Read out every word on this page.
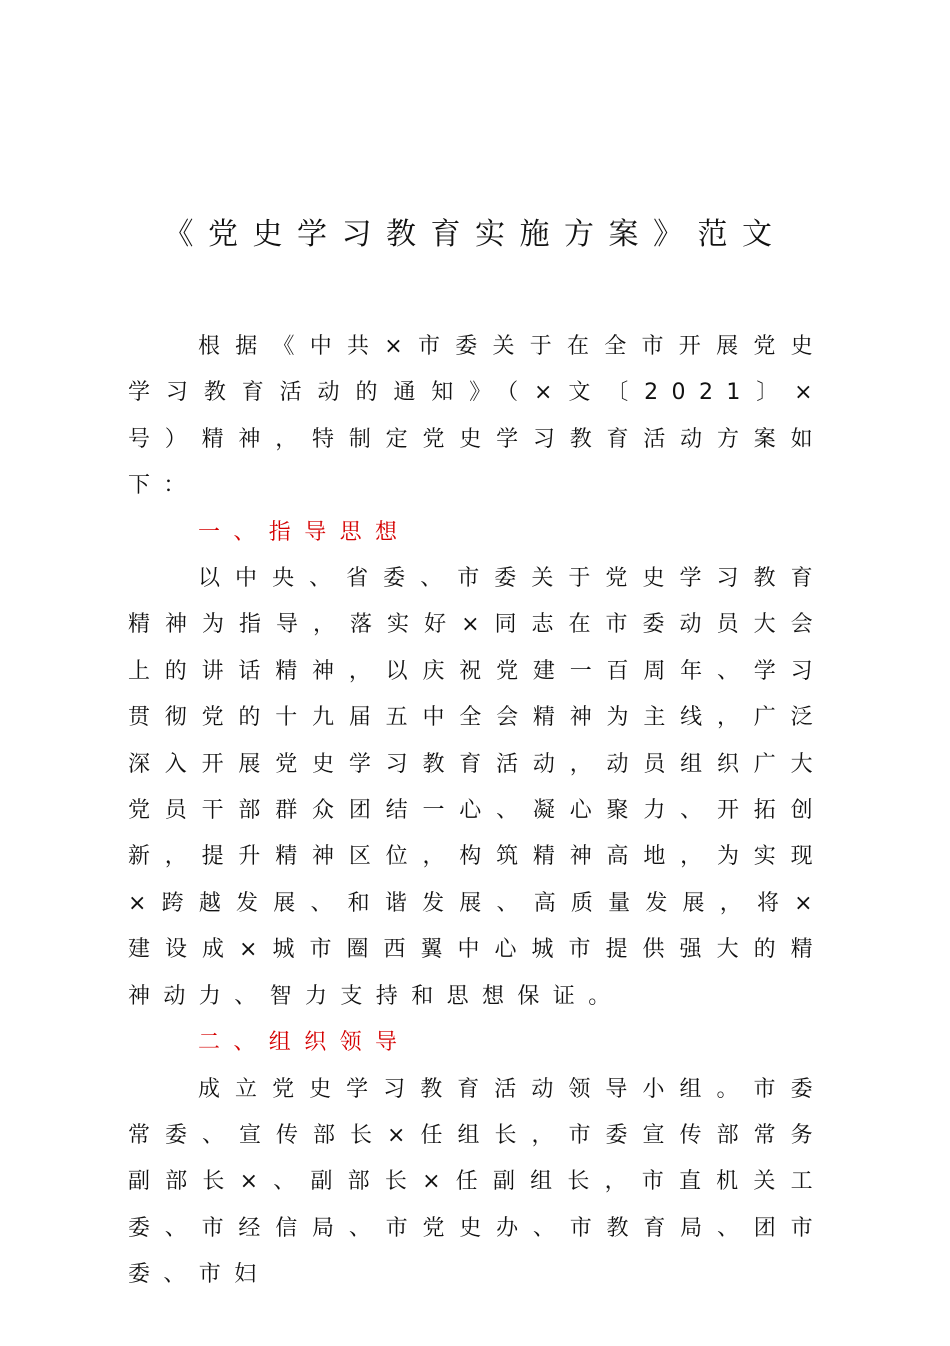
《党史学习教育实施方案》范文

根据《中共×市委关于在全市开展党史学习教育活动的通知》（×文〔2021〕×号）精神，特制定党史学习教育活动方案如下：

一、指导思想

以中央、省委、市委关于党史学习教育精神为指导，落实好×同志在市委动员大会上的讲话精神，以庆祝党建一百周年、学习贯彻党的十九届五中全会精神为主线，广泛深入开展党史学习教育活动，动员组织广大党员干部群众团结一心、凝心聚力、开拓创新，提升精神区位，构筑精神高地，为实现×跨越发展、和谐发展、高质量发展，将×建设成×城市圈西翼中心城市提供强大的精神动力、智力支持和思想保证。

二、组织领导

成立党史学习教育活动领导小组。市委常委、宣传部长×任组长，市委宣传部常务副部长×、副部长×任副组长，市直机关工委、市经信局、市党史办、市教育局、团市委、市妇
